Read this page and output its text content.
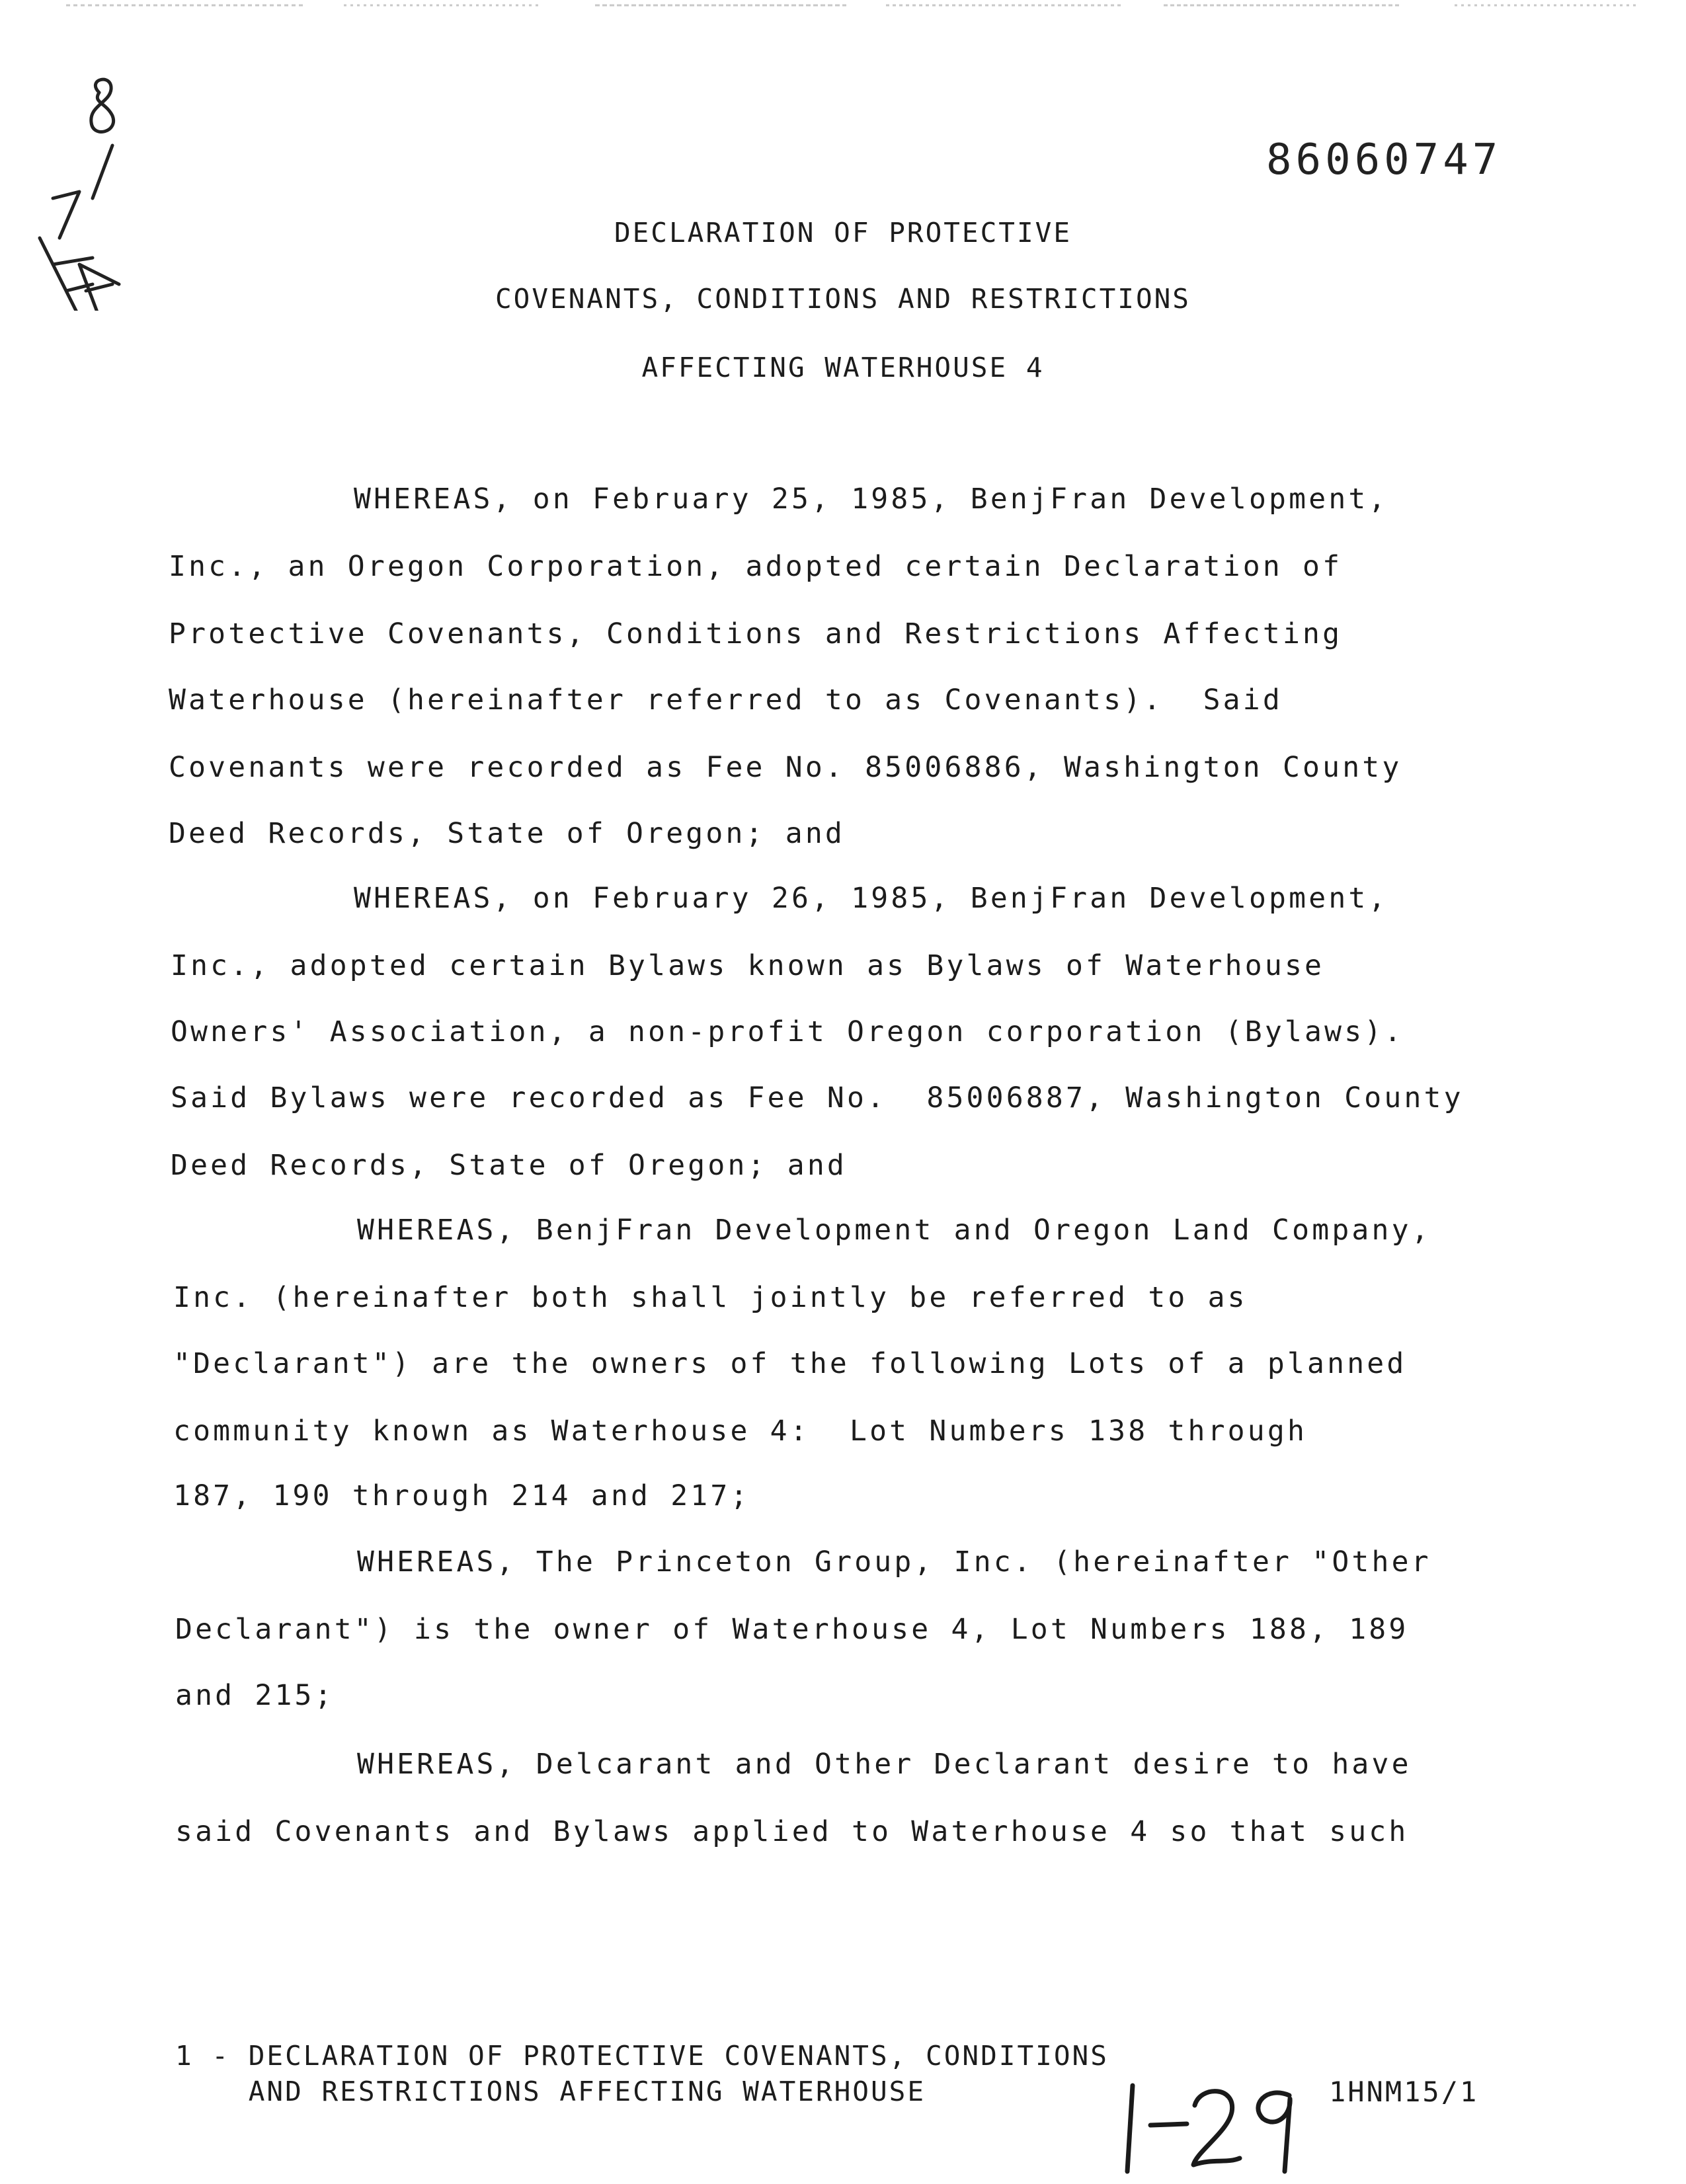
86060747
DECLARATION OF PROTECTIVE
COVENANTS, CONDITIONS AND RESTRICTIONS
AFFECTING WATERHOUSE 4
WHEREAS, on February 25, 1985, BenjFran Development,
Inc., an Oregon Corporation, adopted certain Declaration of
Protective Covenants, Conditions and Restrictions Affecting
Waterhouse (hereinafter referred to as Covenants).  Said
Covenants were recorded as Fee No. 85006886, Washington County
Deed Records, State of Oregon; and
WHEREAS, on February 26, 1985, BenjFran Development,
Inc., adopted certain Bylaws known as Bylaws of Waterhouse
Owners' Association, a non-profit Oregon corporation (Bylaws).
Said Bylaws were recorded as Fee No.  85006887, Washington County
Deed Records, State of Oregon; and
WHEREAS, BenjFran Development and Oregon Land Company,
Inc. (hereinafter both shall jointly be referred to as
"Declarant") are the owners of the following Lots of a planned
community known as Waterhouse 4:  Lot Numbers 138 through
187, 190 through 214 and 217;
WHEREAS, The Princeton Group, Inc. (hereinafter "Other
Declarant") is the owner of Waterhouse 4, Lot Numbers 188, 189
and 215;
WHEREAS, Delcarant and Other Declarant desire to have
said Covenants and Bylaws applied to Waterhouse 4 so that such
1 - DECLARATION OF PROTECTIVE COVENANTS, CONDITIONS
AND RESTRICTIONS AFFECTING WATERHOUSE	1HNM15/1
